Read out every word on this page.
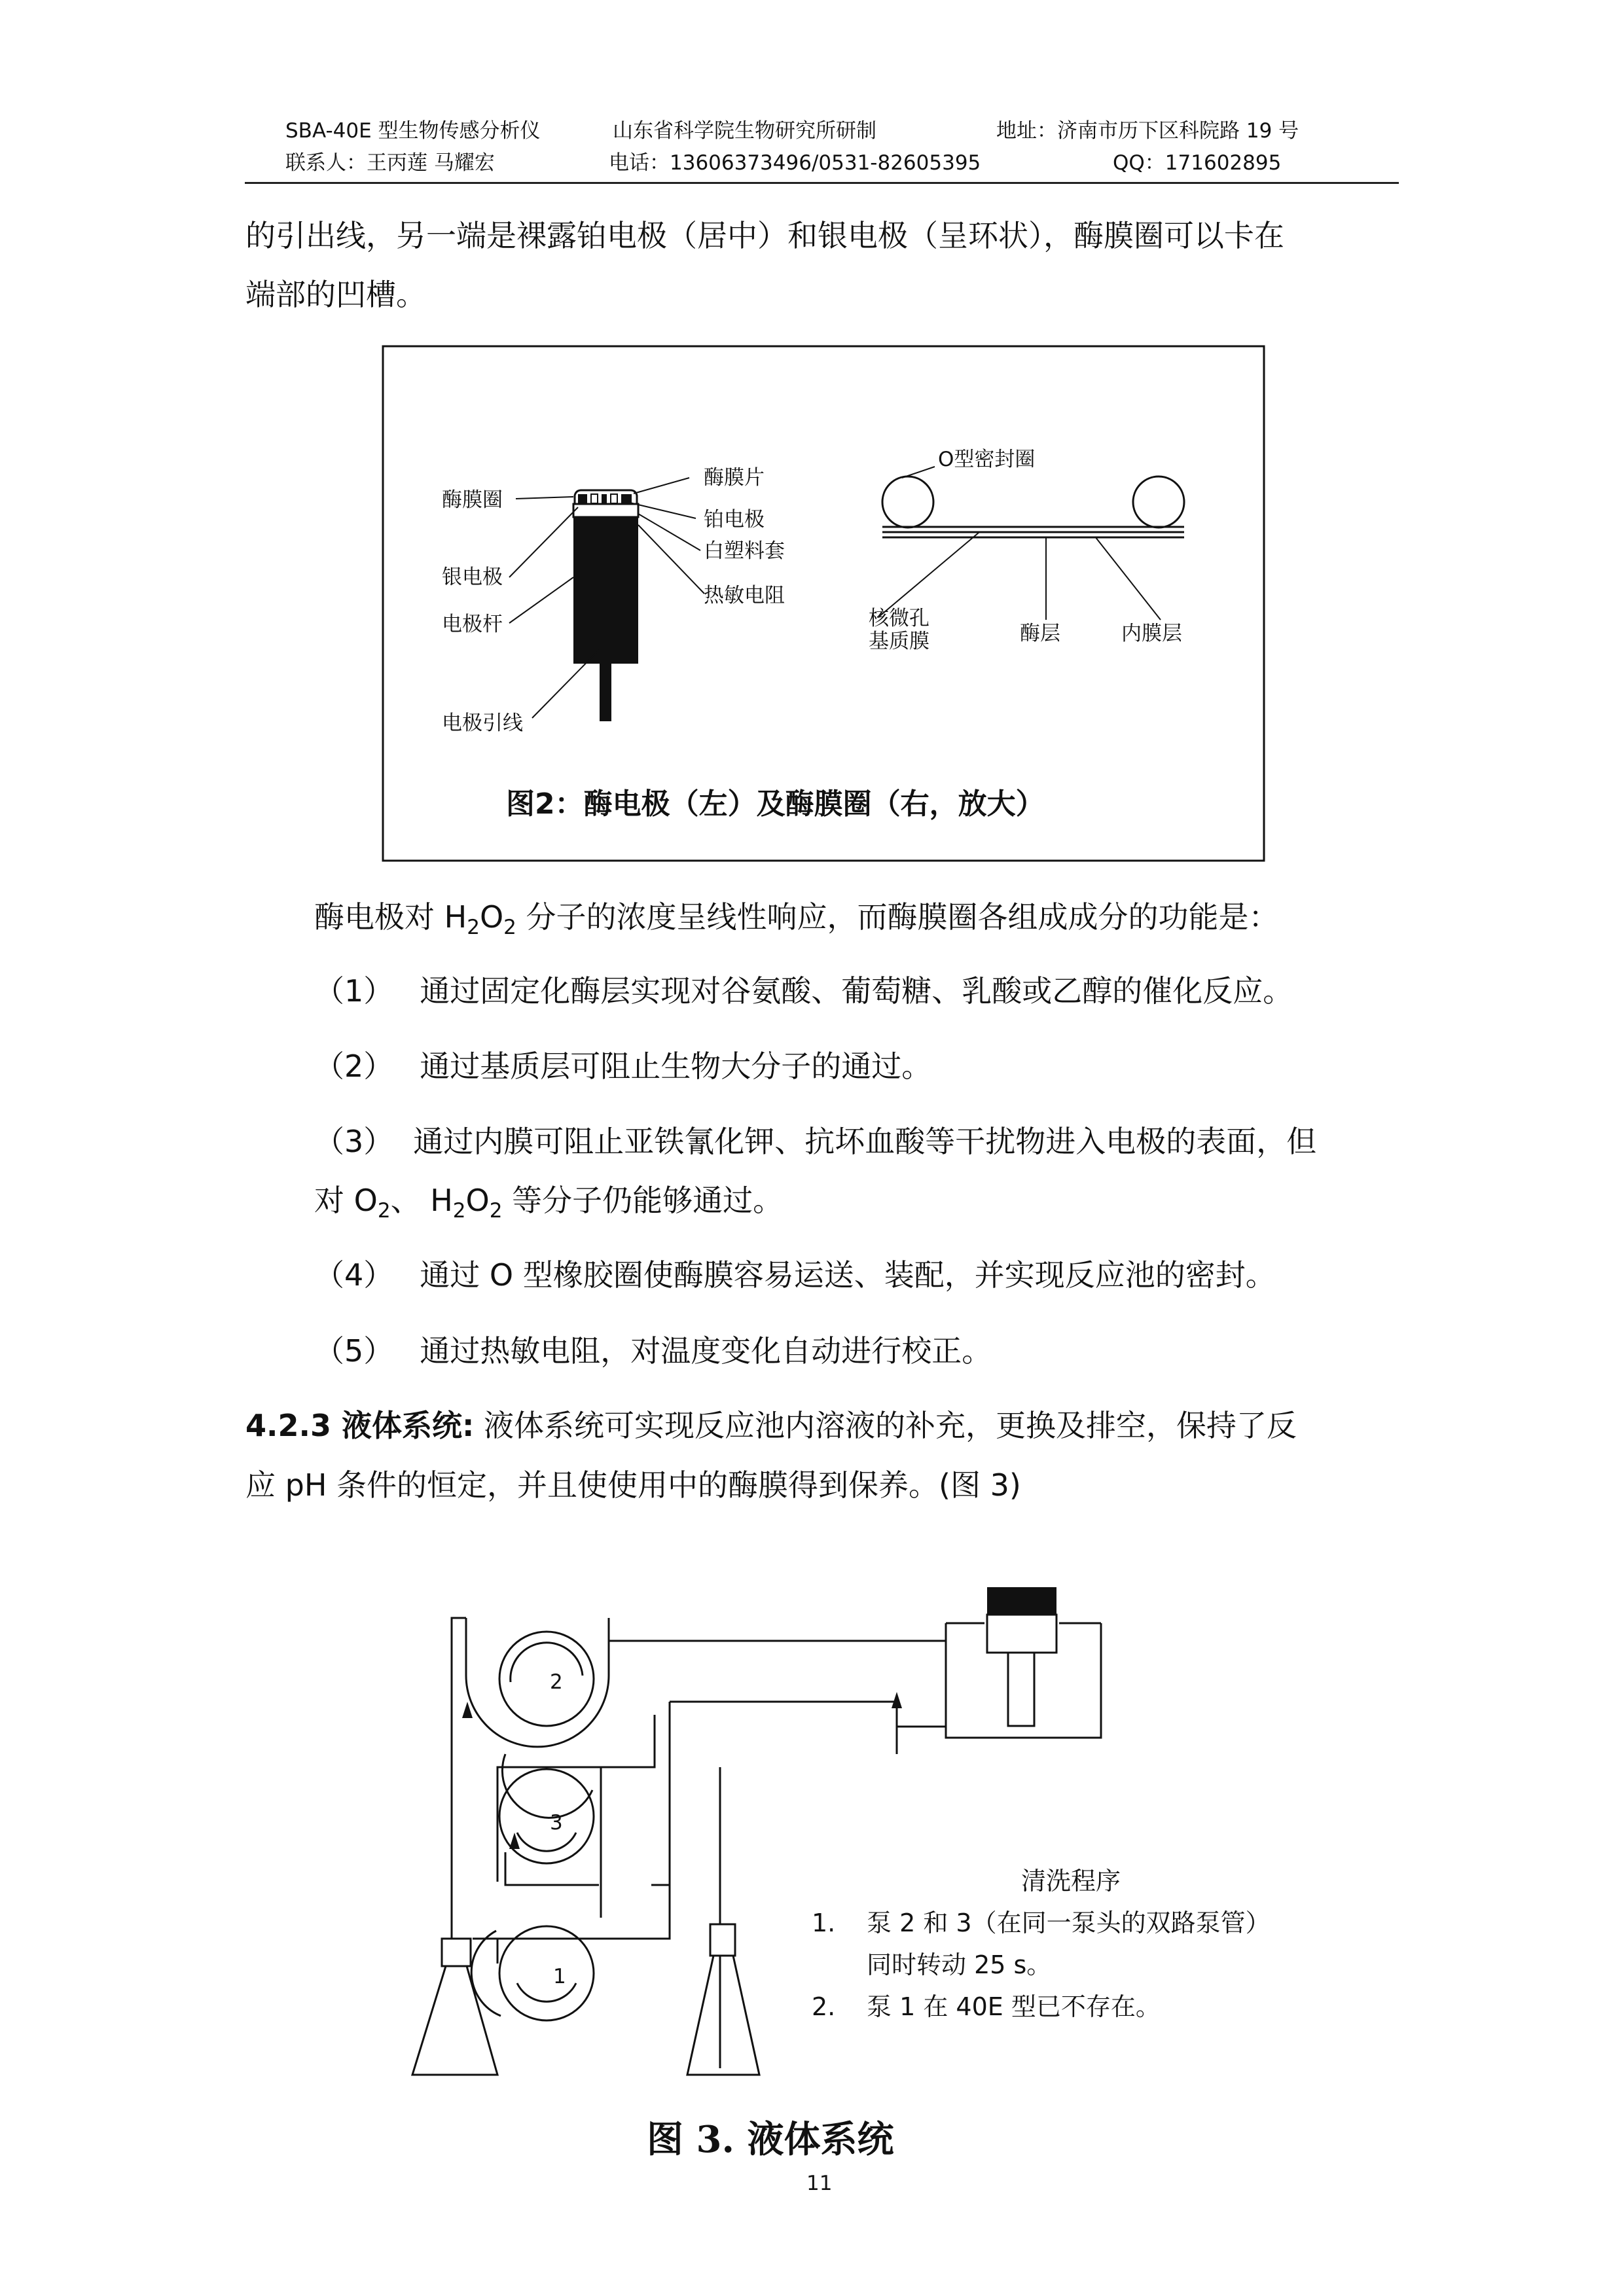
SBA-40E 型生物传感分析仪	山东省科学院生物研究所研制	地址：济南市历下区科院路 19 号
联系人：王丙莲 马耀宏	电话：13606373496/0531-82605395	QQ：171602895
的引出线，另一端是裸露铂电极（居中）和银电极（呈环状），酶膜圈可以卡在
端部的凹槽。
酶膜圈
银电极
电极杆
电极引线
酶膜片
铂电极
白塑料套
热敏电阻
O型密封圈
核微孔
基质膜	酶层	内膜层
图2：酶电极（左）及酶膜圈（右，放大）
酶电极对 $H_2O_2$ 分子的浓度呈线性响应，而酶膜圈各组成成分的功能是：
（1） 通过固定化酶层实现对谷氨酸、葡萄糖、乳酸或乙醇的催化反应。
（2） 通过基质层可阻止生物大分子的通过。
（3） 通过内膜可阻止亚铁氰化钾、抗坏血酸等干扰物进入电极的表面，但
对 $O_2$、 $H_2O_2$ 等分子仍能够通过。
（4） 通过 O 型橡胶圈使酶膜容易运送、装配，并实现反应池的密封。
（5） 通过热敏电阻，对温度变化自动进行校正。
4.2.3 液体系统: 液体系统可实现反应池内溶液的补充，更换及排空，保持了反
应 pH 条件的恒定，并且使使用中的酶膜得到保养。(图 3)
2
3
1
清洗程序
1. 泵 2 和 3（在同一泵头的双路泵管）
同时转动 25 s。
2. 泵 1 在 40E 型已不存在。
图 3. 液体系统
11
